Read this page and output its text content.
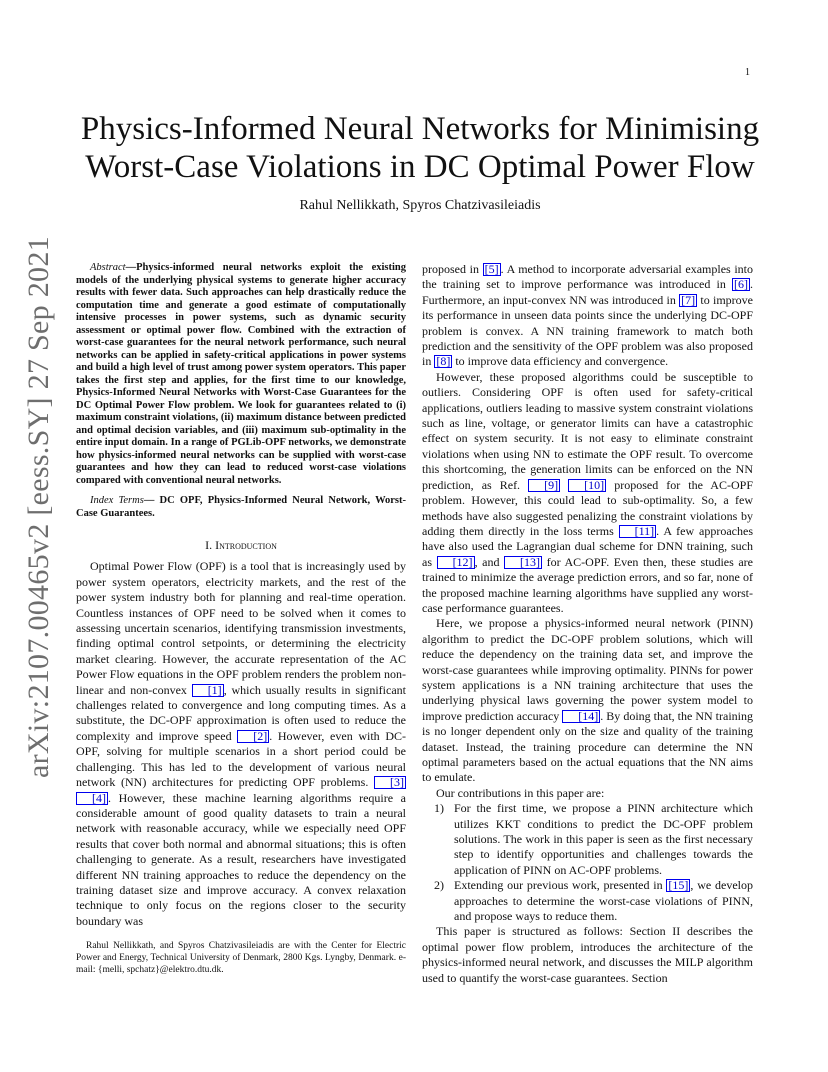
1
arXiv:2107.00465v2 [eess.SY] 27 Sep 2021
Physics-Informed Neural Networks for Minimising Worst-Case Violations in DC Optimal Power Flow
Rahul Nellikkath, Spyros Chatzivasileiadis

Abstract—Physics-informed neural networks exploit the existing models of the underlying physical systems to generate higher accuracy results with fewer data. Such approaches can help drastically reduce the computation time and generate a good estimate of computationally intensive processes in power systems, such as dynamic security assessment or optimal power flow. Combined with the extraction of worst-case guarantees for the neural network performance, such neural networks can be applied in safety-critical applications in power systems and build a high level of trust among power system operators. This paper takes the first step and applies, for the first time to our knowledge, Physics-Informed Neural Networks with Worst-Case Guarantees for the DC Optimal Power Flow problem. We look for guarantees related to (i) maximum constraint violations, (ii) maximum distance between predicted and optimal decision variables, and (iii) maximum sub-optimality in the entire input domain. In a range of PGLib-OPF networks, we demonstrate how physics-informed neural networks can be supplied with worst-case guarantees and how they can lead to reduced worst-case violations compared with conventional neural networks.

Index Terms— DC OPF, Physics-Informed Neural Network, Worst-Case Guarantees.

I. Introduction

Optimal Power Flow (OPF) is a tool that is increasingly used by power system operators, electricity markets, and the rest of the power system industry both for planning and real-time operation. Countless instances of OPF need to be solved when it comes to assessing uncertain scenarios, identifying transmission investments, finding optimal control setpoints, or determining the electricity market clearing. However, the accurate representation of the AC Power Flow equations in the OPF problem renders the problem non-linear and non-convex [1] , which usually results in significant challenges related to convergence and long computing times. As a substitute, the DC-OPF approximation is often used to reduce the complexity and improve speed [2] . However, even with DC-OPF, solving for multiple scenarios in a short period could be challenging. This has led to the development of various neural network (NN) architectures for predicting OPF problems. [3] [4] . However, these machine learning algorithms require a considerable amount of good quality datasets to train a neural network with reasonable accuracy, while we especially need OPF results that cover both normal and abnormal situations; this is often challenging to generate. As a result, researchers have investigated different NN training approaches to reduce the dependency on the training dataset size and improve accuracy. A convex relaxation technique to only focus on the regions closer to the security boundary was

proposed in [5] . A method to incorporate adversarial examples into the training set to improve performance was introduced in [6] . Furthermore, an input-convex NN was introduced in [7] to improve its performance in unseen data points since the underlying DC-OPF problem is convex. A NN training framework to match both prediction and the sensitivity of the OPF problem was also proposed in [8] to improve data efficiency and convergence.

However, these proposed algorithms could be susceptible to outliers. Considering OPF is often used for safety-critical applications, outliers leading to massive system constraint violations such as line, voltage, or generator limits can have a catastrophic effect on system security. It is not easy to eliminate constraint violations when using NN to estimate the OPF result. To overcome this shortcoming, the generation limits can be enforced on the NN prediction, as Ref. [9] [10] proposed for the AC-OPF problem. However, this could lead to sub-optimality. So, a few methods have also suggested penalizing the constraint violations by adding them directly in the loss terms [11] . A few approaches have also used the Lagrangian dual scheme for DNN training, such as [12] , and [13] for AC-OPF. Even then, these studies are trained to minimize the average prediction errors, and so far, none of the proposed machine learning algorithms have supplied any worst-case performance guarantees.

Here, we propose a physics-informed neural network (PINN) algorithm to predict the DC-OPF problem solutions, which will reduce the dependency on the training data set, and improve the worst-case guarantees while improving optimality. PINNs for power system applications is a NN training architecture that uses the underlying physical laws governing the power system model to improve prediction accuracy [14] . By doing that, the NN training is no longer dependent only on the size and quality of the training dataset. Instead, the training procedure can determine the NN optimal parameters based on the actual equations that the NN aims to emulate.

Our contributions in this paper are:

1) For the first time, we propose a PINN architecture which utilizes KKT conditions to predict the DC-OPF problem solutions. The work in this paper is seen as the first necessary step to identify opportunities and challenges towards the application of PINN on AC-OPF problems.
2) Extending our previous work, presented in [15] , we develop approaches to determine the worst-case violations of PINN, and propose ways to reduce them.

This paper is structured as follows: Section II describes the optimal power flow problem, introduces the architecture of the physics-informed neural network, and discusses the MILP algorithm used to quantify the worst-case guarantees. Section

Rahul Nellikkath, and Spyros Chatzivasileiadis are with the Center for Electric Power and Energy, Technical University of Denmark, 2800 Kgs. Lyngby, Denmark. e-mail: {melli, spchatz}@elektro.dtu.dk.
